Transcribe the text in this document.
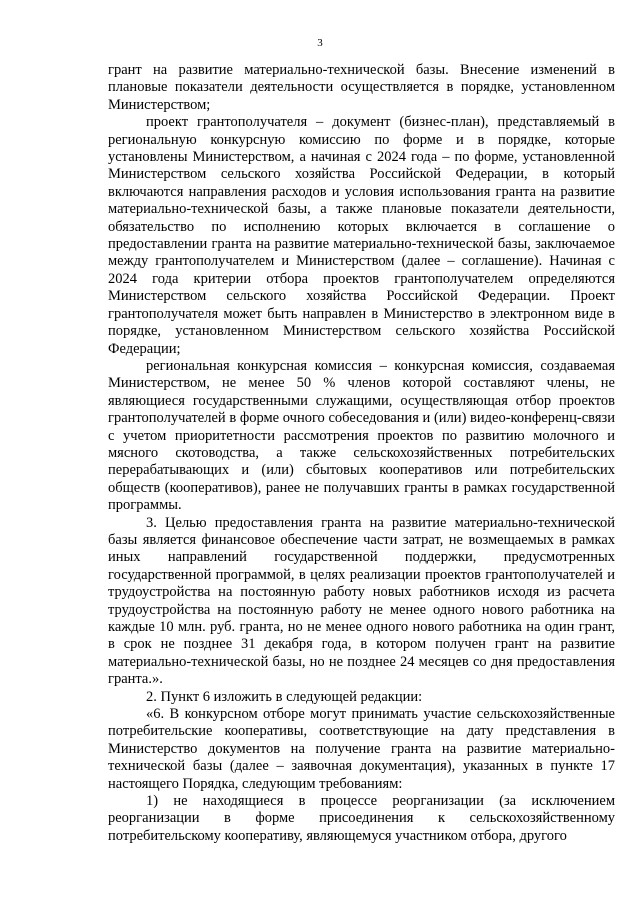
3

грант на развитие материально-технической базы. Внесение изменений в плановые показатели деятельности осуществляется в порядке, установленном Министерством;

проект грантополучателя – документ (бизнес-план), представляемый в региональную конкурсную комиссию по форме и в порядке, которые установлены Министерством, а начиная с 2024 года – по форме, установленной Министерством сельского хозяйства Российской Федерации, в который включаются направления расходов и условия использования гранта на развитие материально-технической базы, а также плановые показатели деятельности, обязательство по исполнению которых включается в соглашение о предоставлении гранта на развитие материально-технической базы, заключаемое между грантополучателем и Министерством (далее – соглашение). Начиная с 2024 года критерии отбора проектов грантополучателем определяются Министерством сельского хозяйства Российской Федерации. Проект грантополучателя может быть направлен в Министерство в электронном виде в порядке, установленном Министерством сельского хозяйства Российской Федерации;

региональная конкурсная комиссия – конкурсная комиссия, создаваемая Министерством, не менее 50 % членов которой составляют члены, не являющиеся государственными служащими, осуществляющая отбор проектов грантополучателей в форме очного собеседования и (или) видео-конференц-связи с учетом приоритетности рассмотрения проектов по развитию молочного и мясного скотоводства, а также сельскохозяйственных потребительских перерабатывающих и (или) сбытовых кооперативов или потребительских обществ (кооперативов), ранее не получавших гранты в рамках государственной программы.

3. Целью предоставления гранта на развитие материально-технической базы является финансовое обеспечение части затрат, не возмещаемых в рамках иных направлений государственной поддержки, предусмотренных государственной программой, в целях реализации проектов грантополучателей и трудоустройства на постоянную работу новых работников исходя из расчета трудоустройства на постоянную работу не менее одного нового работника на каждые 10 млн. руб. гранта, но не менее одного нового работника на один грант, в срок не позднее 31 декабря года, в котором получен грант на развитие материально-технической базы, но не позднее 24 месяцев со дня предоставления гранта.».

2. Пункт 6 изложить в следующей редакции:

«6. В конкурсном отборе могут принимать участие сельскохозяйственные потребительские кооперативы, соответствующие на дату представления в Министерство документов на получение гранта на развитие материально-технической базы (далее – заявочная документация), указанных в пункте 17 настоящего Порядка, следующим требованиям:

1) не находящиеся в процессе реорганизации (за исключением реорганизации в форме присоединения к сельскохозяйственному потребительскому кооперативу, являющемуся участником отбора, другого
